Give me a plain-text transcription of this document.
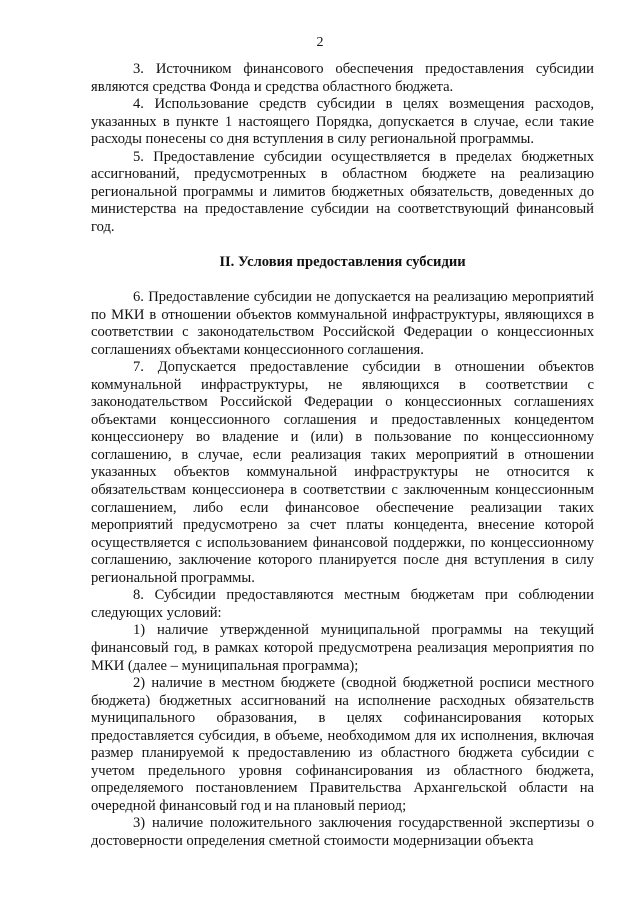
2

3. Источником финансового обеспечения предоставления субсидии являются средства Фонда и средства областного бюджета.

4. Использование средств субсидии в целях возмещения расходов, указанных в пункте 1 настоящего Порядка, допускается в случае, если такие расходы понесены со дня вступления в силу региональной программы.

5. Предоставление субсидии осуществляется в пределах бюджетных ассигнований, предусмотренных в областном бюджете на реализацию региональной программы и лимитов бюджетных обязательств, доведенных до министерства на предоставление субсидии на соответствующий финансовый год.

II. Условия предоставления субсидии

6. Предоставление субсидии не допускается на реализацию мероприятий по МКИ в отношении объектов коммунальной инфраструктуры, являющихся в соответствии с законодательством Российской Федерации о концессионных соглашениях объектами концессионного соглашения.

7. Допускается предоставление субсидии в отношении объектов коммунальной инфраструктуры, не являющихся в соответствии с законодательством Российской Федерации о концессионных соглашениях объектами концессионного соглашения и предоставленных концедентом концессионеру во владение и (или) в пользование по концессионному соглашению, в случае, если реализация таких мероприятий в отношении указанных объектов коммунальной инфраструктуры не относится к обязательствам концессионера в соответствии с заключенным концессионным соглашением, либо если финансовое обеспечение реализации таких мероприятий предусмотрено за счет платы концедента, внесение которой осуществляется с использованием финансовой поддержки, по концессионному соглашению, заключение которого планируется после дня вступления в силу региональной программы.

8. Субсидии предоставляются местным бюджетам при соблюдении следующих условий:

1) наличие утвержденной муниципальной программы на текущий финансовый год, в рамках которой предусмотрена реализация мероприятия по МКИ (далее – муниципальная программа);

2) наличие в местном бюджете (сводной бюджетной росписи местного бюджета) бюджетных ассигнований на исполнение расходных обязательств муниципального образования, в целях софинансирования которых предоставляется субсидия, в объеме, необходимом для их исполнения, включая размер планируемой к предоставлению из областного бюджета субсидии с учетом предельного уровня софинансирования из областного бюджета, определяемого постановлением Правительства Архангельской области на очередной финансовый год и на плановый период;

3) наличие положительного заключения государственной экспертизы о достоверности определения сметной стоимости модернизации объекта
